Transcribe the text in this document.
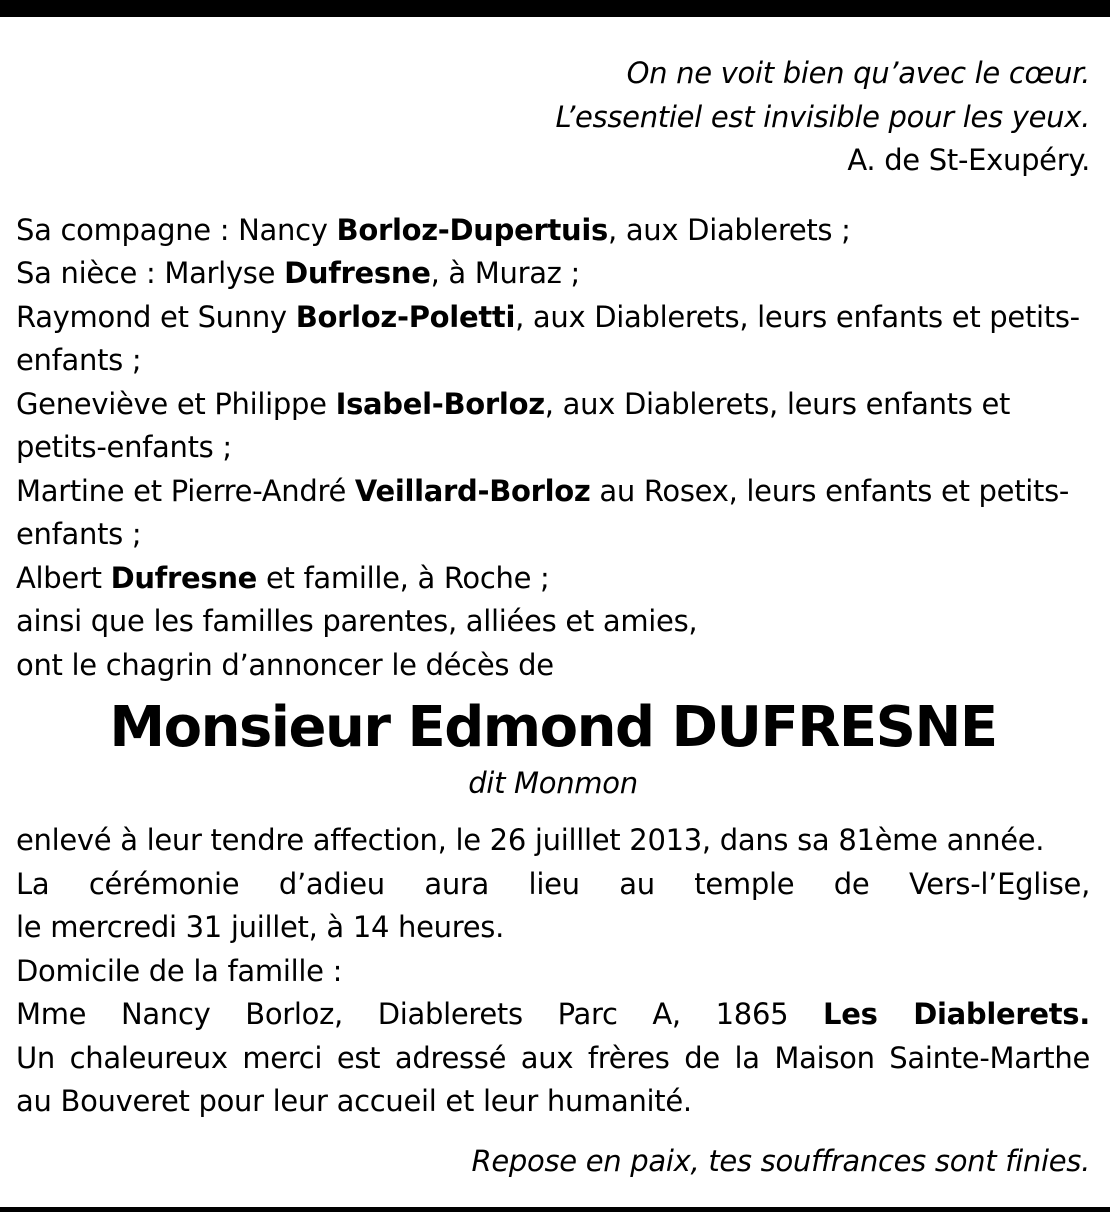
On ne voit bien qu’avec le cœur.
L’essentiel est invisible pour les yeux.
A. de St-Exupéry.

Sa compagne : Nancy Borloz-Dupertuis, aux Diablerets ;
Sa nièce : Marlyse Dufresne, à Muraz ;
Raymond et Sunny Borloz-Poletti, aux Diablerets, leurs enfants et petits-enfants ;
Geneviève et Philippe Isabel-Borloz, aux Diablerets, leurs enfants et petits-enfants ;
Martine et Pierre-André Veillard-Borloz au Rosex, leurs enfants et petits-enfants ;
Albert Dufresne et famille, à Roche ;
ainsi que les familles parentes, alliées et amies,
ont le chagrin d’annoncer le décès de

Monsieur Edmond DUFRESNE

dit Monmon

enlevé à leur tendre affection, le 26 juilllet 2013, dans sa 81ème année.
La cérémonie d’adieu aura lieu au temple de Vers-l’Eglise,
le mercredi 31 juillet, à 14 heures.
Domicile de la famille :
Mme Nancy Borloz, Diablerets Parc A, 1865 Les Diablerets.
Un chaleureux merci est adressé aux frères de la Maison Sainte-Marthe
au Bouveret pour leur accueil et leur humanité.

Repose en paix, tes souffrances sont finies.
